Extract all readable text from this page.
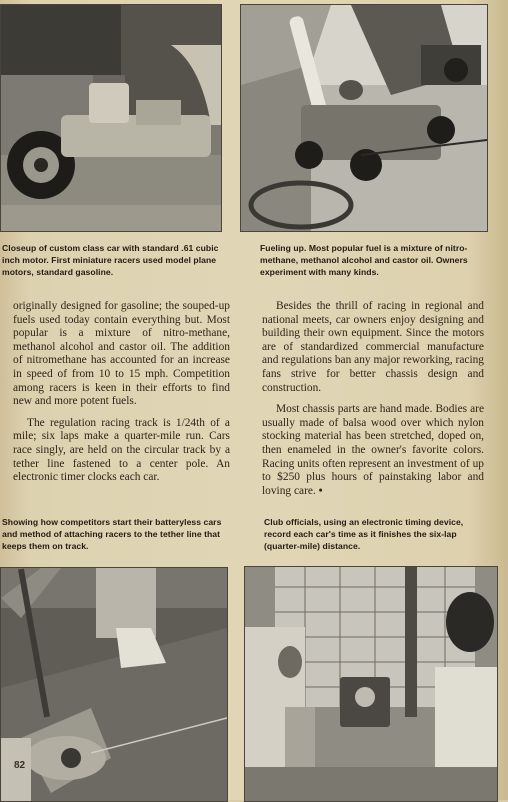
Closeup of custom class car with standard .61 cubic inch motor. First miniature racers used model plane motors, standard gasoline.
Fueling up. Most popular fuel is a mixture of nitro-methane, methanol alcohol and castor oil. Owners experiment with many kinds.

originally designed for gasoline; the souped-up fuels used today contain everything but. Most popular is a mixture of nitro-methane, methanol alcohol and castor oil. The addition of nitromethane has accounted for an increase in speed of from 10 to 15 mph. Competition among racers is keen in their efforts to find new and more potent fuels.

The regulation racing track is 1/24th of a mile; six laps make a quarter-mile run. Cars race singly, are held on the circular track by a tether line fastened to a center pole. An electronic timer clocks each car.

Besides the thrill of racing in regional and national meets, car owners enjoy designing and building their own equipment. Since the motors are of standardized commercial manufacture and regulations ban any major reworking, racing fans strive for better chassis design and construction.

Most chassis parts are hand made. Bodies are usually made of balsa wood over which nylon stocking material has been stretched, doped on, then enameled in the owner's favorite colors. Racing units often represent an investment of up to $250 plus hours of painstaking labor and loving care. •

Showing how competitors start their batteryless cars and method of attaching racers to the tether line that keeps them on track.
Club officials, using an electronic timing device, record each car's time as it finishes the six-lap (quarter-mile) distance.
82
